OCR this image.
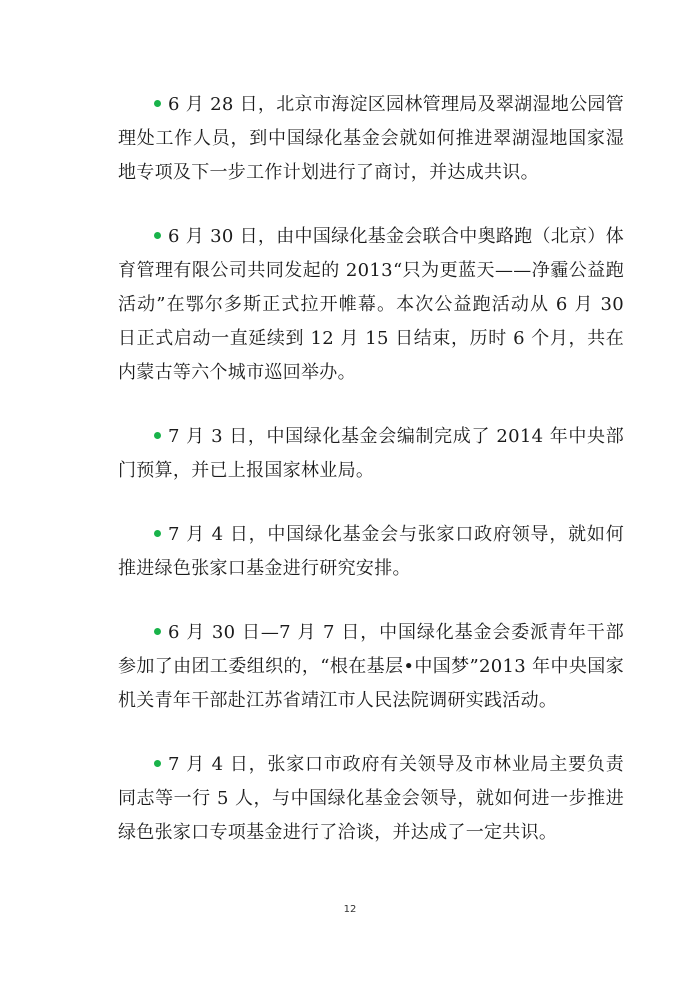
6 月 28 日，北京市海淀区园林管理局及翠湖湿地公园管理处工作人员，到中国绿化基金会就如何推进翠湖湿地国家湿地专项及下一步工作计划进行了商讨，并达成共识。

6 月 30 日，由中国绿化基金会联合中奥路跑（北京）体育管理有限公司共同发起的 2013“只为更蓝天——净霾公益跑活动”在鄂尔多斯正式拉开帷幕。本次公益跑活动从 6 月 30 日正式启动一直延续到 12 月 15 日结束，历时 6 个月，共在内蒙古等六个城市巡回举办。

7 月 3 日，中国绿化基金会编制完成了 2014 年中央部门预算，并已上报国家林业局。

7 月 4 日，中国绿化基金会与张家口政府领导，就如何推进绿色张家口基金进行研究安排。

6 月 30 日—7 月 7 日，中国绿化基金会委派青年干部参加了由团工委组织的，“根在基层•中国梦”2013 年中央国家机关青年干部赴江苏省靖江市人民法院调研实践活动。

7 月 4 日，张家口市政府有关领导及市林业局主要负责同志等一行 5 人，与中国绿化基金会领导，就如何进一步推进绿色张家口专项基金进行了洽谈，并达成了一定共识。

12
